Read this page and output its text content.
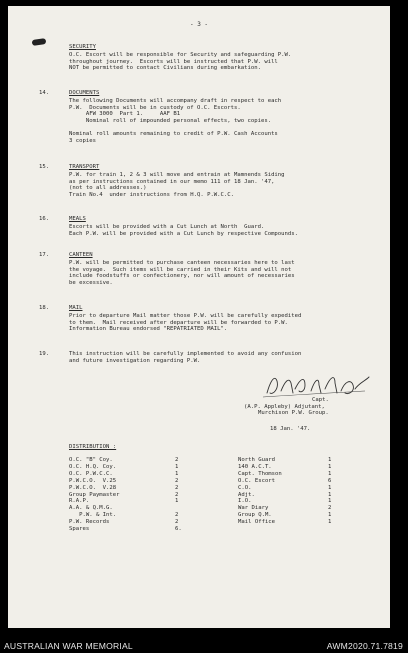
- 3 -
SECURITY
O.C. Escort will be responsible for Security and safeguarding P.W.
throughout journey.  Escorts will be instructed that P.W. will
NOT be permitted to contact Civilians during embarkation.
14.	DOCUMENTS
The following Documents will accompany draft in respect to each
P.W.  Documents will be in custody of O.C. Escorts.
AFW 3000  Part 1.     AAF B1
Nominal roll of impounded personal effects, two copies.
Nominal roll amounts remaining to credit of P.W. Cash Accounts
3 copies
15.	TRANSPORT
P.W. for train 1, 2 & 3 will move and entrain at Mamnends Siding
as per instructions contained in our memo 111 of 18 Jan. '47,
(not to all addresses.)
Train No.4  under instructions from H.Q. P.W.C.C.
16.	MEALS
Escorts will be provided with a Cut Lunch at North  Guard.
Each P.W. will be provided with a Cut Lunch by respective Compounds.
17.	CANTEEN
P.W. will be permitted to purchase canteen necessaries here to last
the voyage.  Such items will be carried in their Kits and will not
include foodstuffs or confectionery, nor will amount of necessaries
be excessive.
18.	MAIL
Prior to departure Mail matter those P.W. will be carefully expedited
to them.  Mail received after departure will be forwarded to P.W.
Information Bureau endorsed "REPATRIATED MAIL".
19.	This instruction will be carefully implemented to avoid any confusion
and future investigation regarding P.W.
Capt.
(A.P. Appleby) Adjutant,
Murchison P.W. Group.
18 Jan. '47.
DISTRIBUTION :
O.C. "B" Coy.	2
O.C. H.Q. Coy.	1
O.C. P.W.C.C.	1
P.W.C.O.  V.25	2
P.W.C.O.  V.28	2
Group Paymaster	2
R.A.P.	1
A.A. & Q.M.G.	
P.W. & Int.	2
P.W. Records	2
Spares	6.
North Guard	1
140 A.C.T.	1
Capt. Thomson	1
O.C. Escort	6
C.O.	1
Adjt.	1
I.O.	1
War Diary	2
Group Q.M.	1
Mail Office	1
AUSTRALIAN WAR MEMORIAL	AWM2020.71.7819
